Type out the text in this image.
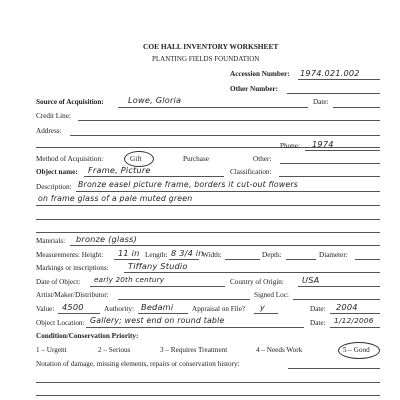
COE HALL INVENTORY WORKSHEET
PLANTING FIELDS FOUNDATION
Accession Number: 1974.021.002
Other Number:
Source of Acquisition:	Lowe, Gloria	Date:
Credit Line:
Address:
Phone: 1974
Method of Acquisition:	Gift	Purchase	Other:
Object name: Frame, Picture	Classification:
Description: Bronze easel picture frame, borders it cut-out flowers
on frame glass of a pale muted green
Materials: bronze (glass)
Measurements: Height: 11 in Length: 8 3/4 in
Width:	Depth:	Diameter:
Markings or inscriptions: Tiffany Studio
Date of Object: early 20th century	Country of Origin: USA
Artist/Maker/Distributor:	Signed Loc:
Value: 4500	Authority: Bedami	Appraisal on File? y	Date: 2004
Object Location: Gallery; west end on round table	Date: 1/12/2006
Condition/Conservation Priority:
1 – Urgent	2 – Serious	3 – Requires Treatment	4 – Needs Work	5 – Good
Notation of damage, missing elements, repairs or conservation history:
